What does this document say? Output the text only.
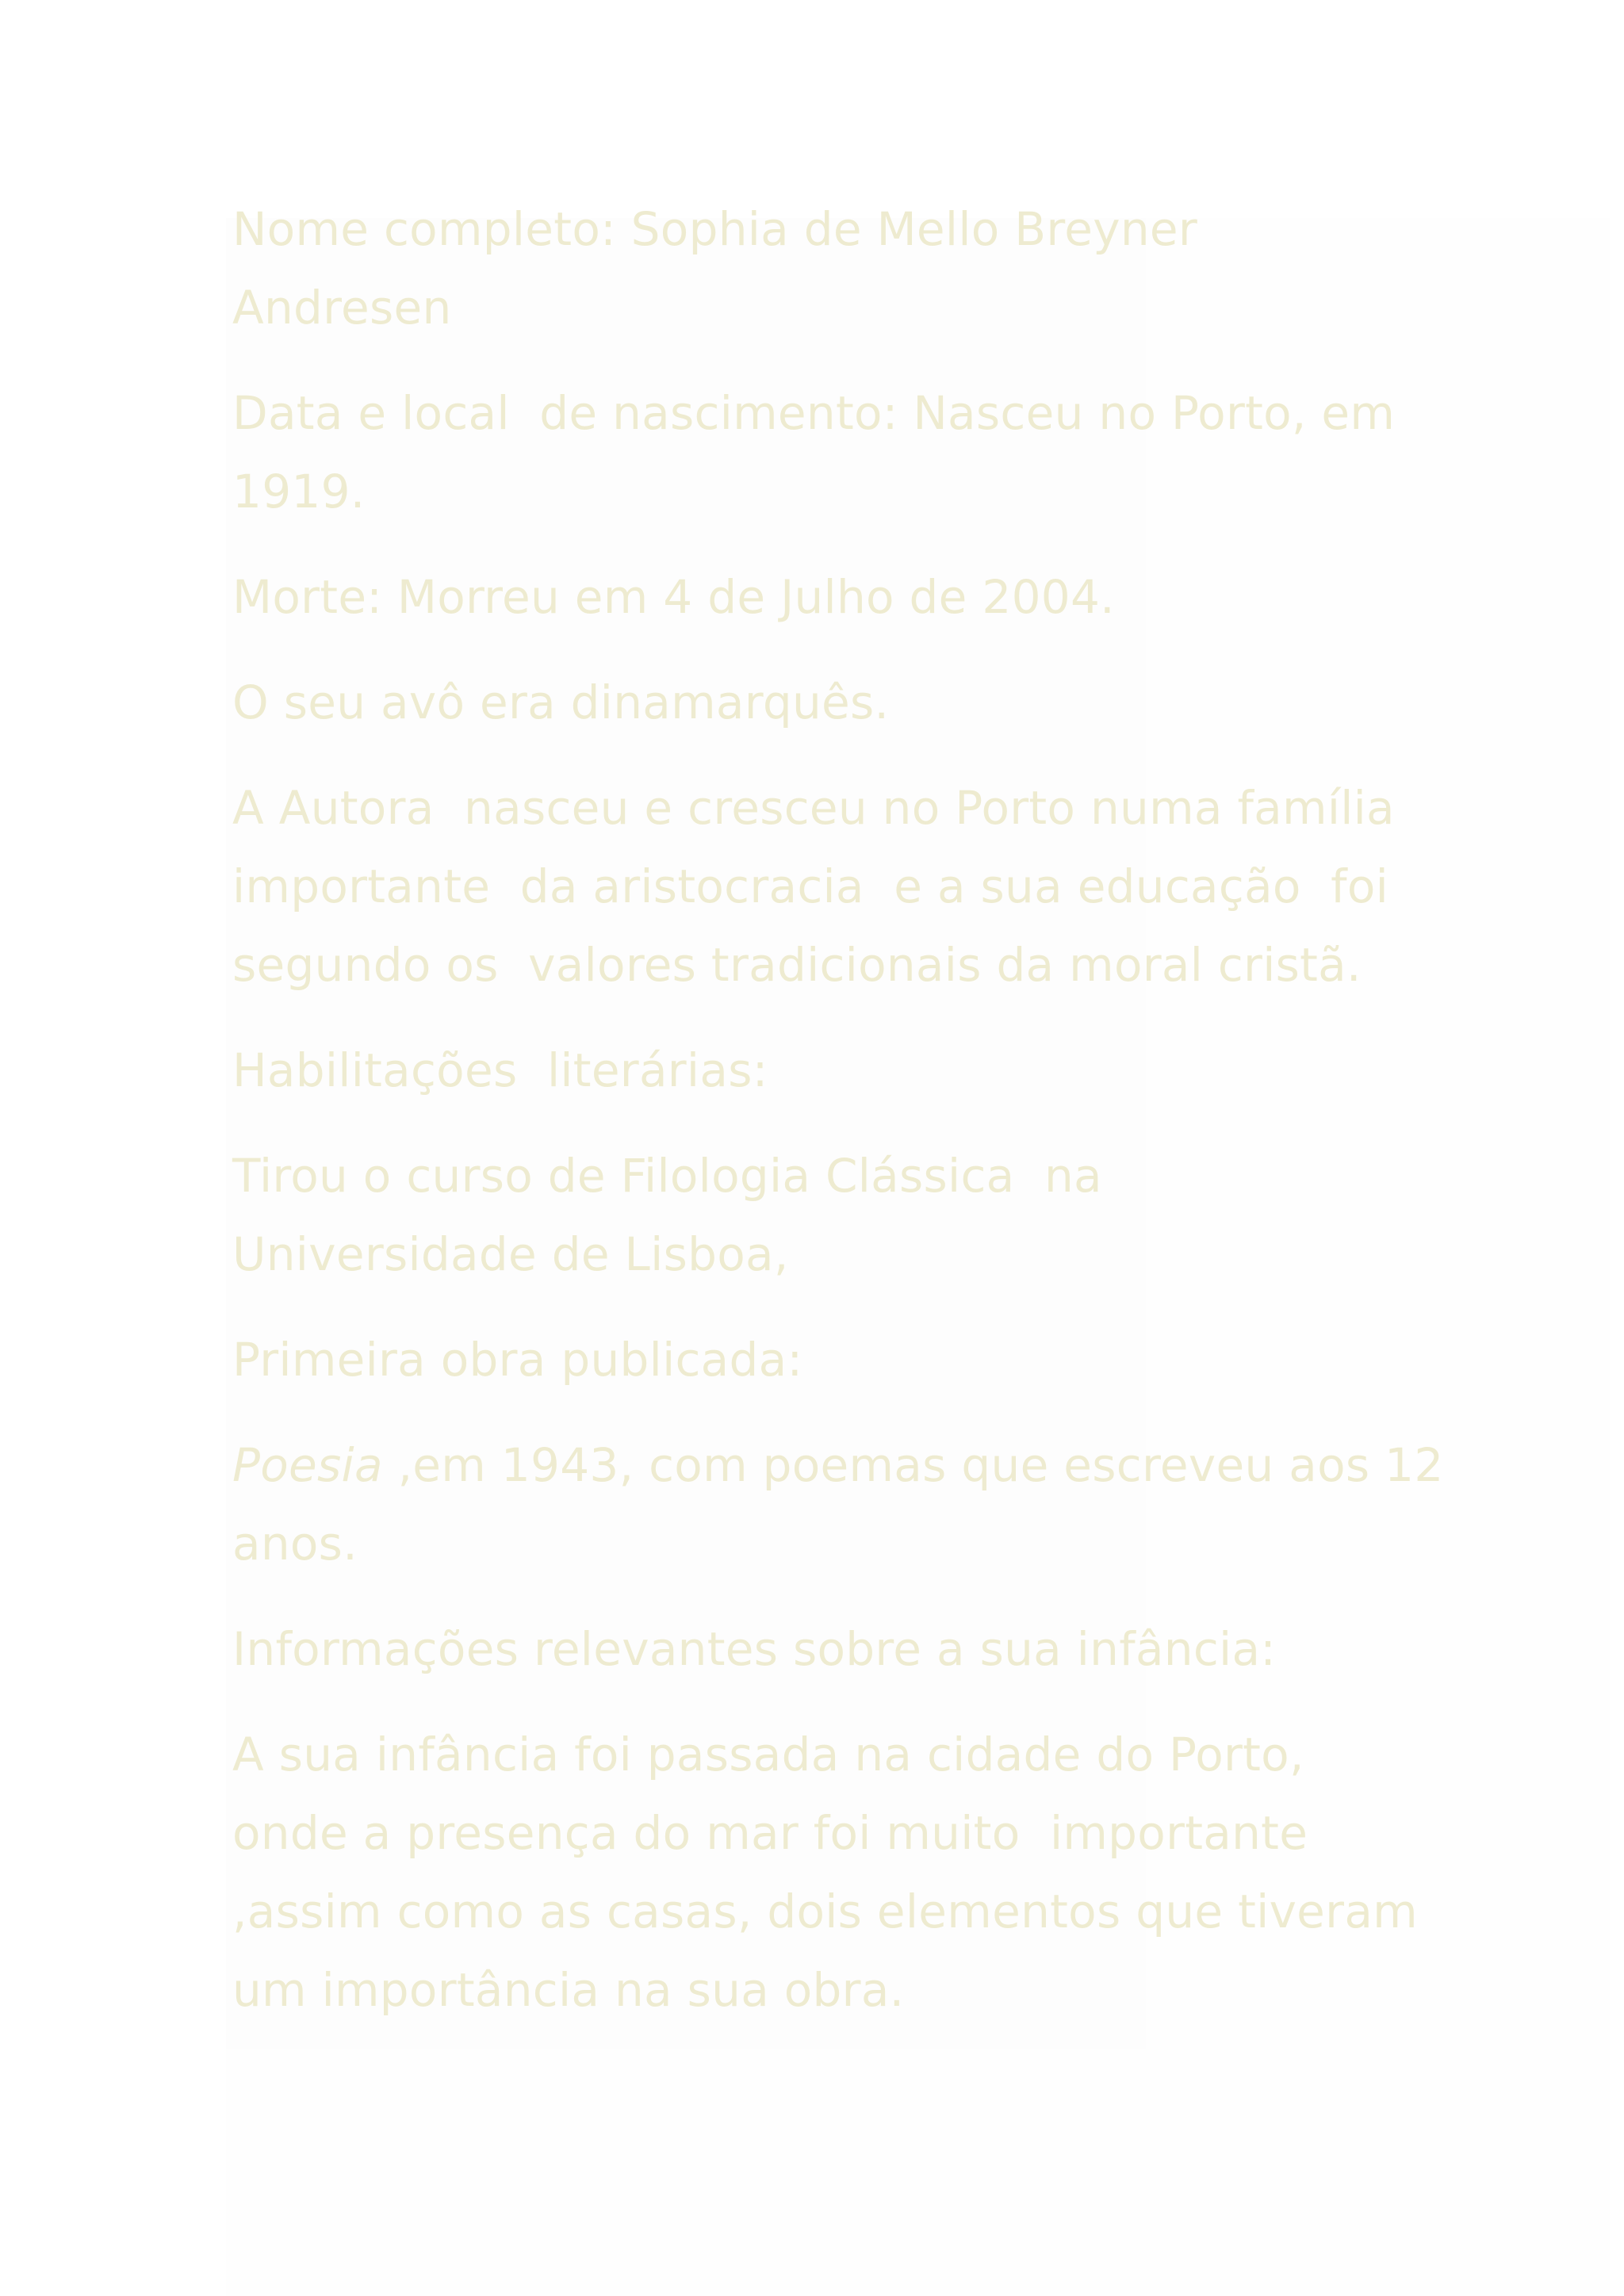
Nome completo: Sophia de Mello Breyner
Andresen

Data e local  de nascimento: Nasceu no Porto, em
1919.

Morte: Morreu em 4 de Julho de 2004.

O seu avô era dinamarquês.

A Autora  nasceu e cresceu no Porto numa família
importante  da aristocracia  e a sua educação  foi
segundo os  valores tradicionais da moral cristã.

Habilitações  literárias:

Tirou o curso de Filologia Clássica  na
Universidade de Lisboa,

Primeira obra publicada:

Poesia ,em 1943, com poemas que escreveu aos 12
anos.

Informações relevantes sobre a sua infância:

A sua infância foi passada na cidade do Porto,
onde a presença do mar foi muito  importante
,assim como as casas, dois elementos que tiveram
um importância na sua obra.
